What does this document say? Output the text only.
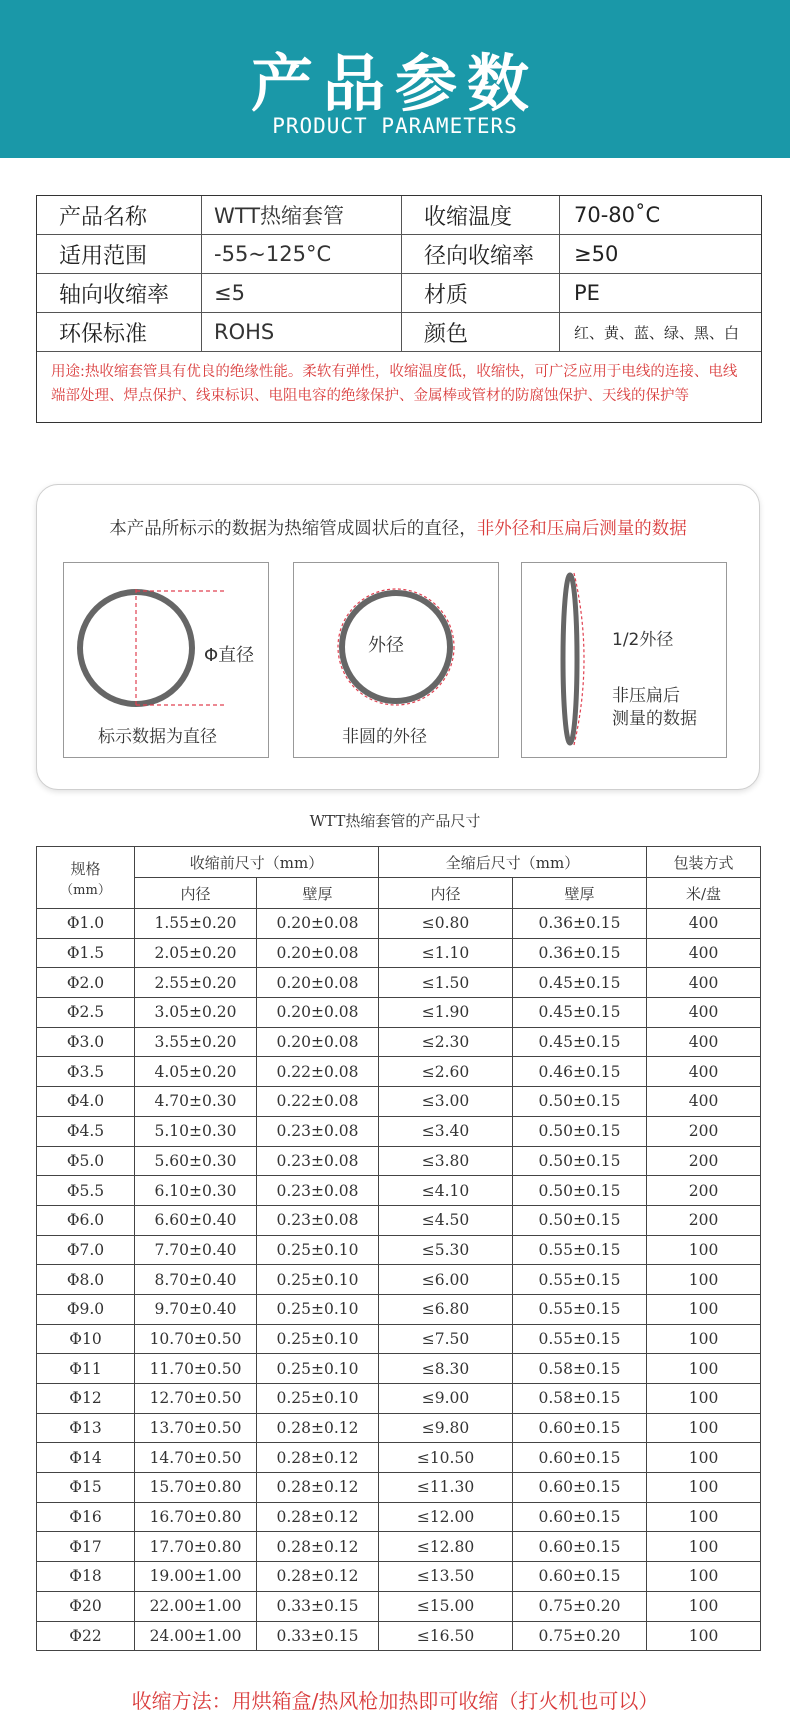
产品参数
PRODUCT PARAMETERS
产品名称	WTT热缩套管	收缩温度	70-80˚C
适用范围	-55~125°C	径向收缩率	≥50
轴向收缩率	≤5	材质	PE
环保标准	ROHS	颜色	红、黄、蓝、绿、黑、白
用途:热收缩套管具有优良的绝缘性能。柔软有弹性，收缩温度低，收缩快，可广泛应用于电线的连接、电线端部处理、焊点保护、线束标识、电阻电容的绝缘保护、金属棒或管材的防腐蚀保护、天线的保护等
本产品所标示的数据为热缩管成圆状后的直径，非外径和压扁后测量的数据
Φ直径
标示数据为直径
外径
非圆的外径
1/2外径
非压扁后
测量的数据
WTT热缩套管的产品尺寸
规格
（mm）	收缩前尺寸（mm）		全缩后尺寸（mm）		包装方式
	内径	壁厚	内径	壁厚	米/盘
Φ1.0	1.55±0.20	0.20±0.08	≤0.80	0.36±0.15	400
Φ1.5	2.05±0.20	0.20±0.08	≤1.10	0.36±0.15	400
Φ2.0	2.55±0.20	0.20±0.08	≤1.50	0.45±0.15	400
Φ2.5	3.05±0.20	0.20±0.08	≤1.90	0.45±0.15	400
Φ3.0	3.55±0.20	0.20±0.08	≤2.30	0.45±0.15	400
Φ3.5	4.05±0.20	0.22±0.08	≤2.60	0.46±0.15	400
Φ4.0	4.70±0.30	0.22±0.08	≤3.00	0.50±0.15	400
Φ4.5	5.10±0.30	0.23±0.08	≤3.40	0.50±0.15	200
Φ5.0	5.60±0.30	0.23±0.08	≤3.80	0.50±0.15	200
Φ5.5	6.10±0.30	0.23±0.08	≤4.10	0.50±0.15	200
Φ6.0	6.60±0.40	0.23±0.08	≤4.50	0.50±0.15	200
Φ7.0	7.70±0.40	0.25±0.10	≤5.30	0.55±0.15	100
Φ8.0	8.70±0.40	0.25±0.10	≤6.00	0.55±0.15	100
Φ9.0	9.70±0.40	0.25±0.10	≤6.80	0.55±0.15	100
Φ10	10.70±0.50	0.25±0.10	≤7.50	0.55±0.15	100
Φ11	11.70±0.50	0.25±0.10	≤8.30	0.58±0.15	100
Φ12	12.70±0.50	0.25±0.10	≤9.00	0.58±0.15	100
Φ13	13.70±0.50	0.28±0.12	≤9.80	0.60±0.15	100
Φ14	14.70±0.50	0.28±0.12	≤10.50	0.60±0.15	100
Φ15	15.70±0.80	0.28±0.12	≤11.30	0.60±0.15	100
Φ16	16.70±0.80	0.28±0.12	≤12.00	0.60±0.15	100
Φ17	17.70±0.80	0.28±0.12	≤12.80	0.60±0.15	100
Φ18	19.00±1.00	0.28±0.12	≤13.50	0.60±0.15	100
Φ20	22.00±1.00	0.33±0.15	≤15.00	0.75±0.20	100
Φ22	24.00±1.00	0.33±0.15	≤16.50	0.75±0.20	100
收缩方法：用烘箱盒/热风枪加热即可收缩（打火机也可以）
